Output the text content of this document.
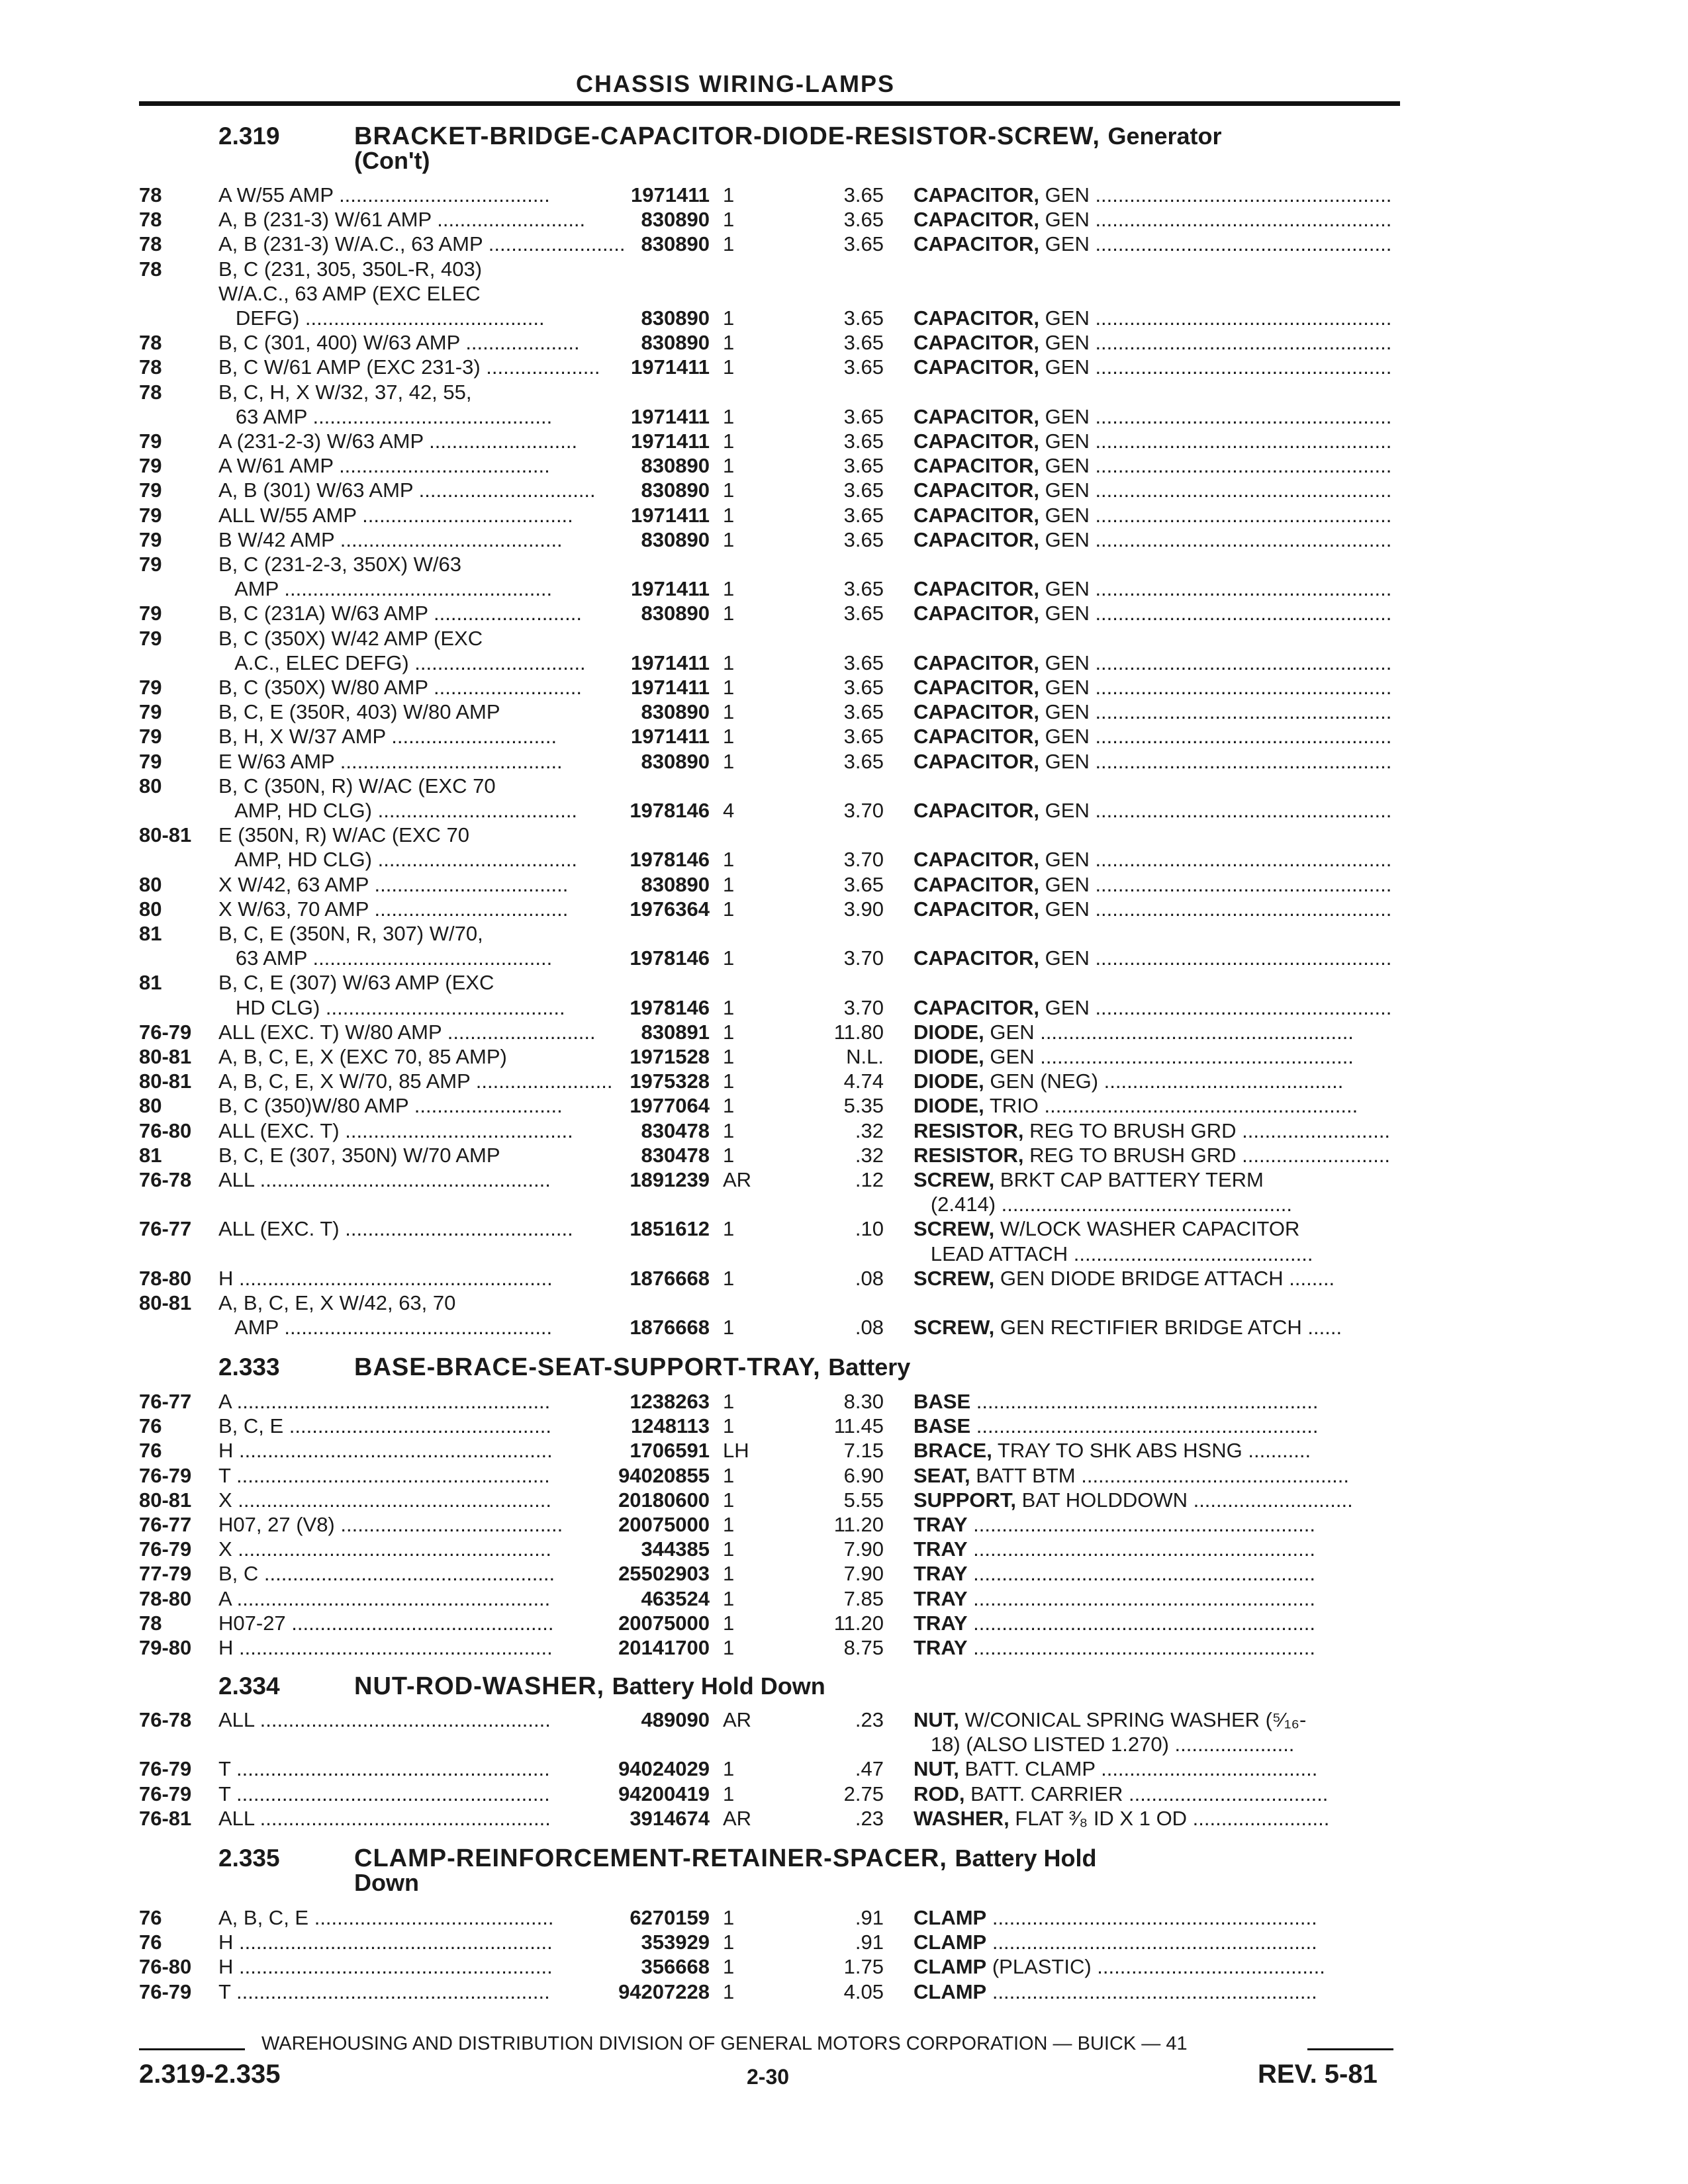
CHASSIS WIRING-LAMPS
2.319	BRACKET-BRIDGE-CAPACITOR-DIODE-RESISTOR-SCREW, Generator
(Con't)
78	A W/55 AMP .....................................	1971411 1	3.65 CAPACITOR, GEN ....................................................
78	A, B (231-3) W/61 AMP ..........................	830890 1	3.65 CAPACITOR, GEN ....................................................
78	A, B (231-3) W/A.C., 63 AMP ........................ 830890 1	3.65 CAPACITOR, GEN ....................................................
78	B, C (231, 305, 350L-R, 403)
W/A.C., 63 AMP (EXC ELEC
DEFG) ..........................................	830890 1	3.65 CAPACITOR, GEN ....................................................
78	B, C (301, 400) W/63 AMP ....................	830890 1	3.65 CAPACITOR, GEN ....................................................
78	B, C W/61 AMP (EXC 231-3) .................... 1971411 1	3.65 CAPACITOR, GEN ....................................................
78	B, C, H, X W/32, 37, 42, 55,
63 AMP ..........................................	1971411 1	3.65 CAPACITOR, GEN ....................................................
79	A (231-2-3) W/63 AMP ..........................	1971411 1	3.65 CAPACITOR, GEN ....................................................
79	A W/61 AMP .....................................	830890 1	3.65 CAPACITOR, GEN ....................................................
79	A, B (301) W/63 AMP ............................... 830890 1	3.65 CAPACITOR, GEN ....................................................
79	ALL W/55 AMP .....................................	1971411 1	3.65 CAPACITOR, GEN ....................................................
79	B W/42 AMP .......................................	830890 1	3.65 CAPACITOR, GEN ....................................................
79	B, C (231-2-3, 350X) W/63
AMP ...............................................	1971411 1	3.65 CAPACITOR, GEN ....................................................
79	B, C (231A) W/63 AMP ..........................	830890 1	3.65 CAPACITOR, GEN ....................................................
79	B, C (350X) W/42 AMP (EXC
A.C., ELEC DEFG) .............................. 1971411 1	3.65 CAPACITOR, GEN ....................................................
79	B, C (350X) W/80 AMP .......................... 1971411 1	3.65 CAPACITOR, GEN ....................................................
79	B, C, E (350R, 403) W/80 AMP	830890 1	3.65 CAPACITOR, GEN ....................................................
79	B, H, X W/37 AMP .............................	1971411 1	3.65 CAPACITOR, GEN ....................................................
79	E W/63 AMP .......................................	830890 1	3.65 CAPACITOR, GEN ....................................................
80	B, C (350N, R) W/AC (EXC 70
AMP, HD CLG) ...................................	1978146 4	3.70 CAPACITOR, GEN ....................................................
80-81 E (350N, R) W/AC (EXC 70
AMP, HD CLG) ...................................	1978146 1	3.70 CAPACITOR, GEN ....................................................
80	X W/42, 63 AMP ..................................	830890 1	3.65 CAPACITOR, GEN ....................................................
80	X W/63, 70 AMP ..................................	1976364 1	3.90 CAPACITOR, GEN ....................................................
81	B, C, E (350N, R, 307) W/70,
63 AMP ..........................................	1978146 1	3.70 CAPACITOR, GEN ....................................................
81	B, C, E (307) W/63 AMP (EXC
HD CLG) ..........................................	1978146 1	3.70 CAPACITOR, GEN ....................................................
76-79 ALL (EXC. T) W/80 AMP .......................... 830891 1	11.80 DIODE, GEN .......................................................
80-81 A, B, C, E, X (EXC 70, 85 AMP)	1971528 1	N.L. DIODE, GEN .......................................................
80-81 A, B, C, E, X W/70, 85 AMP ........................ 1975328 1	4.74 DIODE, GEN (NEG) ..........................................
80	B, C (350)W/80 AMP ..........................	1977064 1	5.35 DIODE, TRIO .......................................................
76-80 ALL (EXC. T) ........................................	830478 1	.32 RESISTOR, REG TO BRUSH GRD ..........................
81	B, C, E (307, 350N) W/70 AMP	830478 1	.32 RESISTOR, REG TO BRUSH GRD ..........................
76-78 ALL ...................................................	1891239 AR	.12 SCREW, BRKT CAP BATTERY TERM
(2.414) ...................................................
76-77 ALL (EXC. T) ........................................	1851612 1	.10 SCREW, W/LOCK WASHER CAPACITOR
LEAD ATTACH ..........................................
78-80 H .......................................................	1876668 1	.08 SCREW, GEN DIODE BRIDGE ATTACH ........
80-81 A, B, C, E, X W/42, 63, 70
AMP ...............................................	1876668 1	.08 SCREW, GEN RECTIFIER BRIDGE ATCH ......
2.333	BASE-BRACE-SEAT-SUPPORT-TRAY, Battery
76-77 A .......................................................	1238263 1	8.30 BASE ............................................................
76	B, C, E ..............................................	1248113 1	11.45 BASE ............................................................
76	H .......................................................	1706591 LH	7.15 BRACE, TRAY TO SHK ABS HSNG ...........
76-79 T .......................................................	94020855 1	6.90 SEAT, BATT BTM ...............................................
80-81 X .......................................................	20180600 1	5.55 SUPPORT, BAT HOLDDOWN ............................
76-77 H07, 27 (V8) .......................................	20075000 1	11.20 TRAY ............................................................
76-79 X .......................................................	344385 1	7.90 TRAY ............................................................
77-79 B, C ...................................................	25502903 1	7.90 TRAY ............................................................
78-80 A .......................................................	463524 1	7.85 TRAY ............................................................
78	H07-27 ..............................................	20075000 1	11.20 TRAY ............................................................
79-80 H .......................................................	20141700 1	8.75 TRAY ............................................................
2.334	NUT-ROD-WASHER, Battery Hold Down
76-78 ALL ...................................................	489090 AR	.23 NUT, W/CONICAL SPRING WASHER (⁵⁄₁₆-
18) (ALSO LISTED 1.270) .....................
76-79 T .......................................................	94024029 1	.47 NUT, BATT. CLAMP ......................................
76-79 T .......................................................	94200419 1	2.75 ROD, BATT. CARRIER ...................................
76-81 ALL ...................................................	3914674 AR	.23 WASHER, FLAT ³⁄₈ ID X 1 OD ........................
2.335	CLAMP-REINFORCEMENT-RETAINER-SPACER, Battery Hold
Down
76	A, B, C, E ..........................................	6270159 1	.91 CLAMP .........................................................
76	H .......................................................	353929 1	.91 CLAMP .........................................................
76-80 H .......................................................	356668 1	1.75 CLAMP (PLASTIC) ........................................
76-79 T .......................................................	94207228 1	4.05 CLAMP .........................................................
WAREHOUSING AND DISTRIBUTION DIVISION OF GENERAL MOTORS CORPORATION — BUICK — 41
2.319-2.335	2-30	REV. 5-81
